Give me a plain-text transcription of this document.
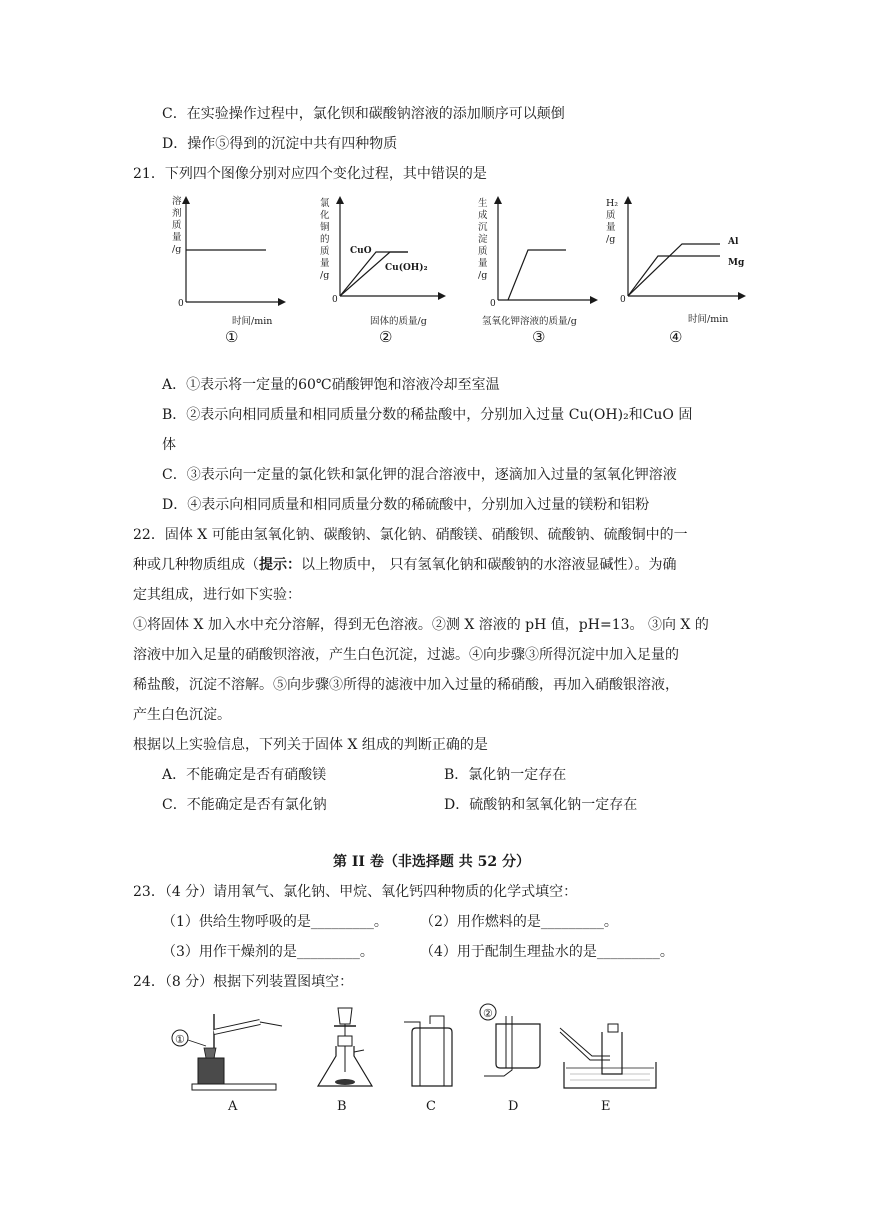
C．在实验操作过程中，氯化钡和碳酸钠溶液的添加顺序可以颠倒
D．操作⑤得到的沉淀中共有四种物质
21．下列四个图像分别对应四个变化过程，其中错误的是
溶
剂
质
量
/g
0
时间/min
①
氯
化
铜
的
质
量
/g
CuO
Cu(OH)₂
0
固体的质量/g
②
生
成
沉
淀
质
量
/g
0
氢氧化钾溶液的质量/g
③
H₂
质
量
/g	Al
Mg
0
时间/min
④
A．①表示将一定量的60℃硝酸钾饱和溶液冷却至室温
B．②表示向相同质量和相同质量分数的稀盐酸中，分别加入过量 Cu(OH)₂和CuO 固
体
C．③表示向一定量的氯化铁和氯化钾的混合溶液中，逐滴加入过量的氢氧化钾溶液
D．④表示向相同质量和相同质量分数的稀硫酸中，分别加入过量的镁粉和铝粉
22．固体 X 可能由氢氧化钠、碳酸钠、氯化钠、硝酸镁、硝酸钡、硫酸钠、硫酸铜中的一
种或几种物质组成（提示：以上物质中， 只有氢氧化钠和碳酸钠的水溶液显碱性）。为确
定其组成，进行如下实验：
①将固体 X 加入水中充分溶解，得到无色溶液。②测 X 溶液的 pH 值，pH=13。 ③向 X 的
溶液中加入足量的硝酸钡溶液，产生白色沉淀，过滤。④向步骤③所得沉淀中加入足量的
稀盐酸，沉淀不溶解。⑤向步骤③所得的滤液中加入过量的稀硝酸，再加入硝酸银溶液，
产生白色沉淀。
根据以上实验信息，下列关于固体 X 组成的判断正确的是
A．不能确定是否有硝酸镁	B．氯化钠一定存在
C．不能确定是否有氯化钠	D．硫酸钠和氢氧化钠一定存在
第 II 卷（非选择题 共 52 分）
23．（4 分）请用氧气、氯化钠、甲烷、氧化钙四种物质的化学式填空：
（1）供给生物呼吸的是_________。 （2）用作燃料的是_________。
（3）用作干燥剂的是_________。	（4）用于配制生理盐水的是_________。
24．（8 分）根据下列装置图填空：
①
A	B	C
②
D	E
